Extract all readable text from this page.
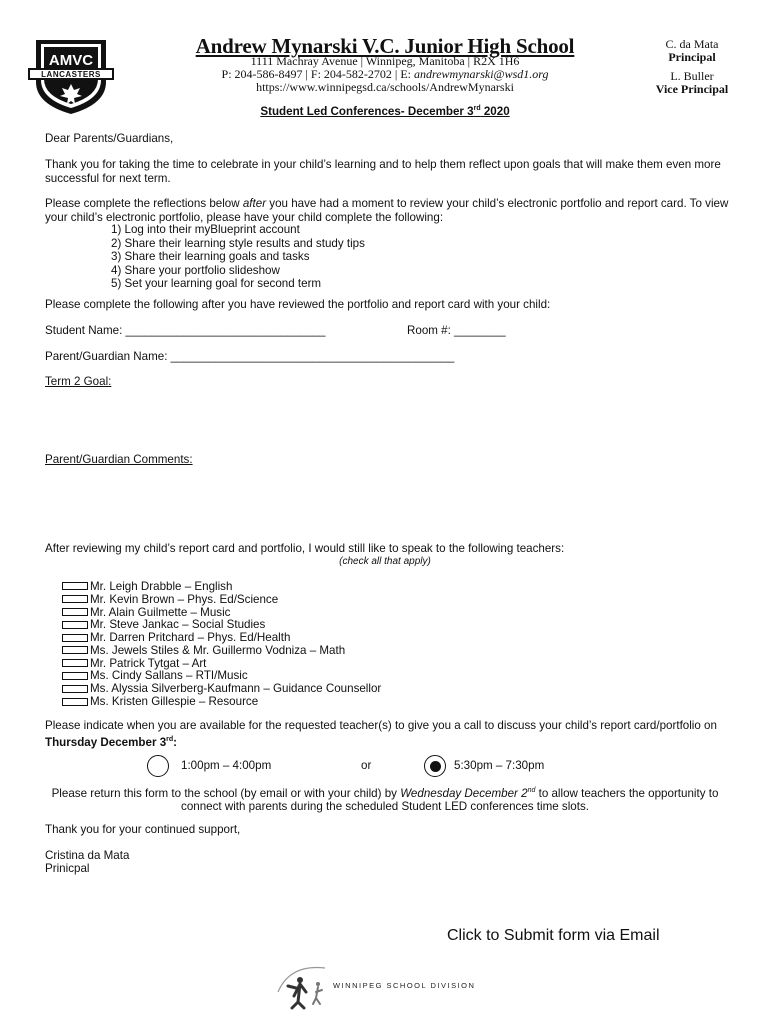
AMVC
LANCASTERS
Andrew Mynarski V.C. Junior High School
1111 Machray Avenue | Winnipeg, Manitoba | R2X 1H6
P: 204-586-8497 | F: 204-582-2702 | E: andrewmynarski@wsd1.org
https://www.winnipegsd.ca/schools/AndrewMynarski
C. da Mata
Principal
L. Buller
Vice Principal
Student Led Conferences- December 3rd 2020
Dear Parents/Guardians,
Thank you for taking the time to celebrate in your child’s learning and to help them reflect upon goals that will make them even more successful for next term.
Please complete the reflections below after you have had a moment to review your child’s electronic portfolio and report card. To view your child’s electronic portfolio, please have your child complete the following:
1) Log into their myBlueprint account
2) Share their learning style results and study tips
3) Share their learning goals and tasks
4) Share your portfolio slideshow
5) Set your learning goal for second term
Please complete the following after you have reviewed the portfolio and report card with your child:
Student Name: _______________________________	Room #: ________
Parent/Guardian Name: ____________________________________________
Term 2 Goal:
Parent/Guardian Comments:
After reviewing my child’s report card and portfolio, I would still like to speak to the following teachers:
(check all that apply)
Mr. Leigh Drabble – English
Mr. Kevin Brown – Phys. Ed/Science
Mr. Alain Guilmette – Music
Mr. Steve Jankac – Social Studies
Mr. Darren Pritchard – Phys. Ed/Health
Ms. Jewels Stiles & Mr. Guillermo Vodniza – Math
Mr. Patrick Tytgat – Art
Ms. Cindy Sallans – RTI/Music
Ms. Alyssia Silverberg-Kaufmann – Guidance Counsellor
Ms. Kristen Gillespie – Resource
Please indicate when you are available for the requested teacher(s) to give you a call to discuss your child’s report card/portfolio on Thursday December 3rd:
1:00pm – 4:00pm	or	5:30pm – 7:30pm
Please return this form to the school (by email or with your child) by Wednesday December 2nd to allow teachers the opportunity to connect with parents during the scheduled Student LED conferences time slots.
Thank you for your continued support,
Cristina da Mata
Prinicpal
Click to Submit form via Email
WINNIPEG SCHOOL DIVISION
